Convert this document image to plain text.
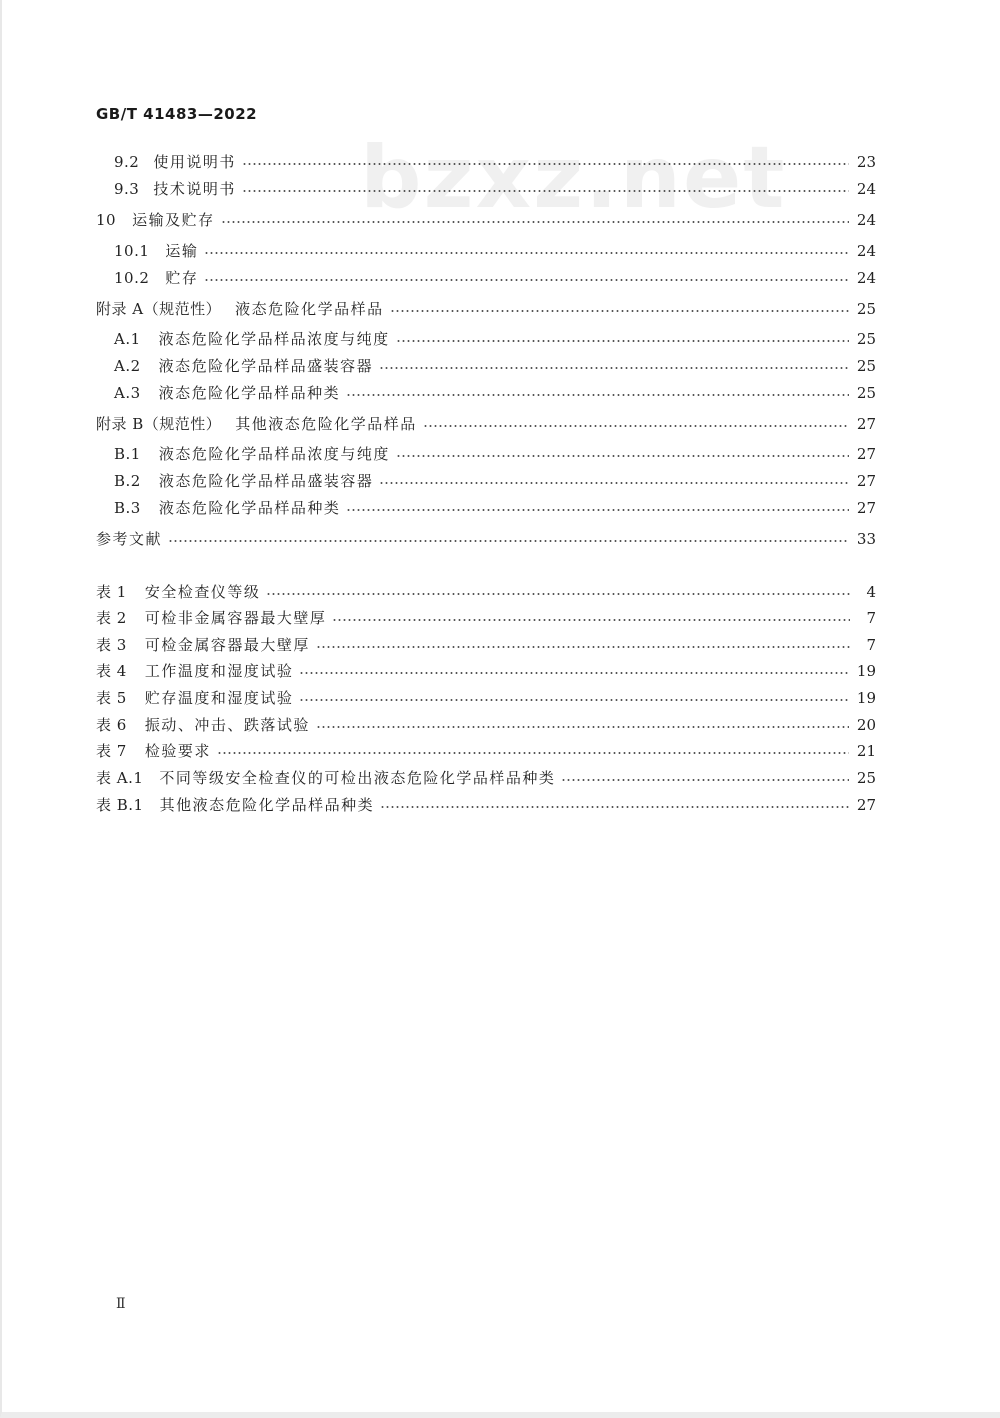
GB/T 41483—2022
bzxz.net
9.2 使用说明书	23
9.3 技术说明书	24
10 运输及贮存	24
10.1 运输	24
10.2 贮存	24
附录 A（规范性） 液态危险化学品样品	25
A.1 液态危险化学品样品浓度与纯度	25
A.2 液态危险化学品样品盛装容器	25
A.3 液态危险化学品样品种类	25
附录 B（规范性） 其他液态危险化学品样品	27
B.1 液态危险化学品样品浓度与纯度	27
B.2 液态危险化学品样品盛装容器	27
B.3 液态危险化学品样品种类	27
参考文献	33
表 1 安全检查仪等级	4
表 2 可检非金属容器最大壁厚	7
表 3 可检金属容器最大壁厚	7
表 4 工作温度和湿度试验	19
表 5 贮存温度和湿度试验	19
表 6 振动、冲击、跌落试验	20
表 7 检验要求	21
表 A.1 不同等级安全检查仪的可检出液态危险化学品样品种类	25
表 B.1 其他液态危险化学品样品种类	27
Ⅱ
